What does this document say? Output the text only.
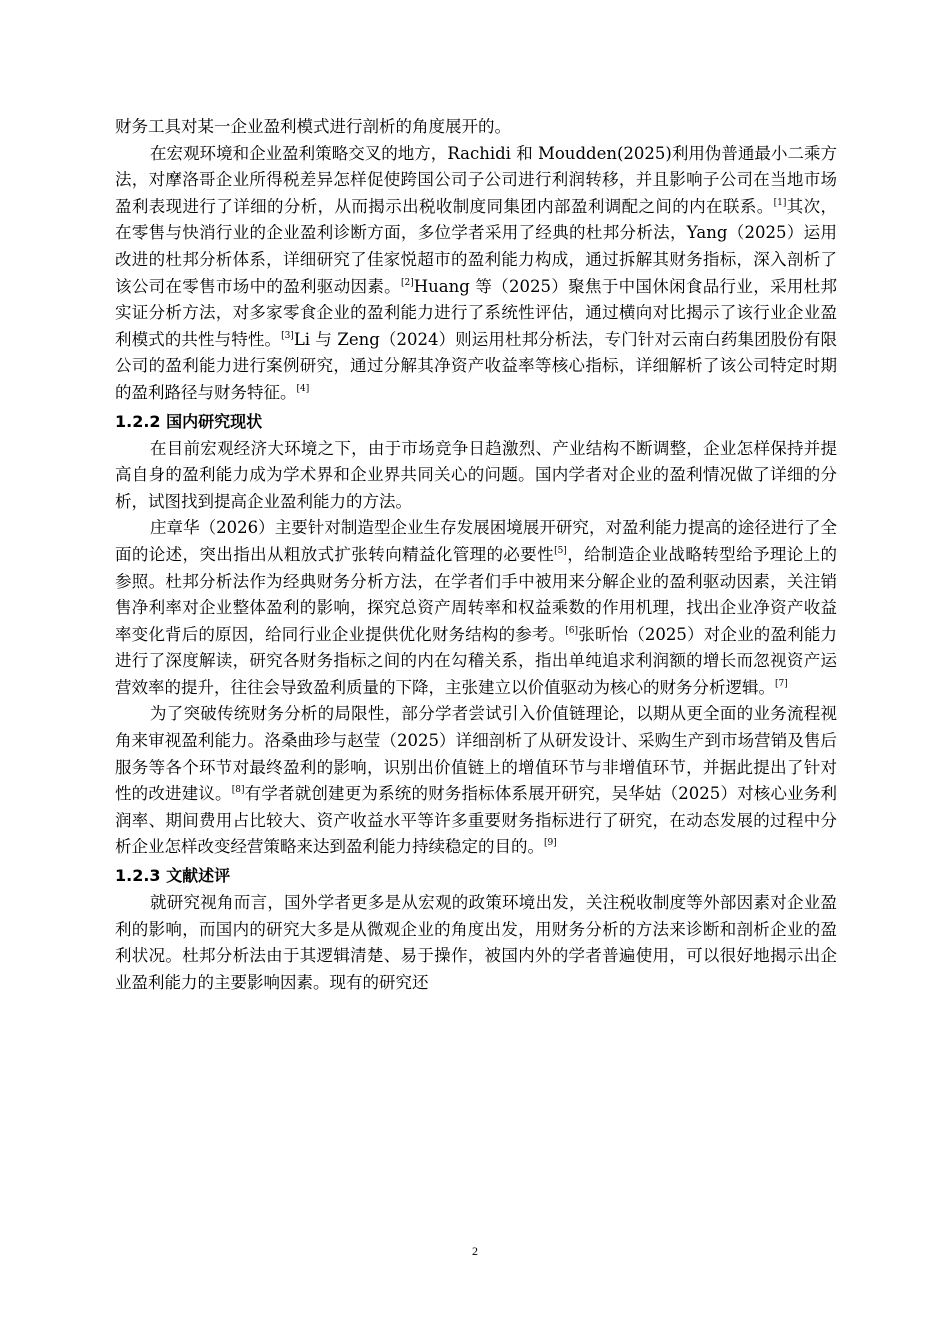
财务工具对某一企业盈利模式进行剖析的角度展开的。

在宏观环境和企业盈利策略交叉的地方，Rachidi 和 Moudden(2025)利用伪普通最小二乘方法，对摩洛哥企业所得税差异怎样促使跨国公司子公司进行利润转移，并且影响子公司在当地市场盈利表现进行了详细的分析，从而揭示出税收制度同集团内部盈利调配之间的内在联系。[1]其次，在零售与快消行业的企业盈利诊断方面，多位学者采用了经典的杜邦分析法，Yang（2025）运用改进的杜邦分析体系，详细研究了佳家悦超市的盈利能力构成，通过拆解其财务指标，深入剖析了该公司在零售市场中的盈利驱动因素。[2]Huang 等（2025）聚焦于中国休闲食品行业，采用杜邦实证分析方法，对多家零食企业的盈利能力进行了系统性评估，通过横向对比揭示了该行业企业盈利模式的共性与特性。[3]Li 与 Zeng（2024）则运用杜邦分析法，专门针对云南白药集团股份有限公司的盈利能力进行案例研究，通过分解其净资产收益率等核心指标，详细解析了该公司特定时期的盈利路径与财务特征。[4]

1.2.2 国内研究现状

在目前宏观经济大环境之下，由于市场竞争日趋激烈、产业结构不断调整，企业怎样保持并提高自身的盈利能力成为学术界和企业界共同关心的问题。国内学者对企业的盈利情况做了详细的分析，试图找到提高企业盈利能力的方法。

庄章华（2026）主要针对制造型企业生存发展困境展开研究，对盈利能力提高的途径进行了全面的论述，突出指出从粗放式扩张转向精益化管理的必要性[5]，给制造企业战略转型给予理论上的参照。杜邦分析法作为经典财务分析方法，在学者们手中被用来分解企业的盈利驱动因素，关注销售净利率对企业整体盈利的影响，探究总资产周转率和权益乘数的作用机理，找出企业净资产收益率变化背后的原因，给同行业企业提供优化财务结构的参考。[6]张昕怡（2025）对企业的盈利能力进行了深度解读，研究各财务指标之间的内在勾稽关系，指出单纯追求利润额的增长而忽视资产运营效率的提升，往往会导致盈利质量的下降，主张建立以价值驱动为核心的财务分析逻辑。[7]

为了突破传统财务分析的局限性，部分学者尝试引入价值链理论，以期从更全面的业务流程视角来审视盈利能力。洛桑曲珍与赵莹（2025）详细剖析了从研发设计、采购生产到市场营销及售后服务等各个环节对最终盈利的影响，识别出价值链上的增值环节与非增值环节，并据此提出了针对性的改进建议。[8]有学者就创建更为系统的财务指标体系展开研究，吴华姑（2025）对核心业务利润率、期间费用占比较大、资产收益水平等许多重要财务指标进行了研究，在动态发展的过程中分析企业怎样改变经营策略来达到盈利能力持续稳定的目的。[9]

1.2.3 文献述评

就研究视角而言，国外学者更多是从宏观的政策环境出发，关注税收制度等外部因素对企业盈利的影响，而国内的研究大多是从微观企业的角度出发，用财务分析的方法来诊断和剖析企业的盈利状况。杜邦分析法由于其逻辑清楚、易于操作，被国内外的学者普遍使用，可以很好地揭示出企业盈利能力的主要影响因素。现有的研究还

2
